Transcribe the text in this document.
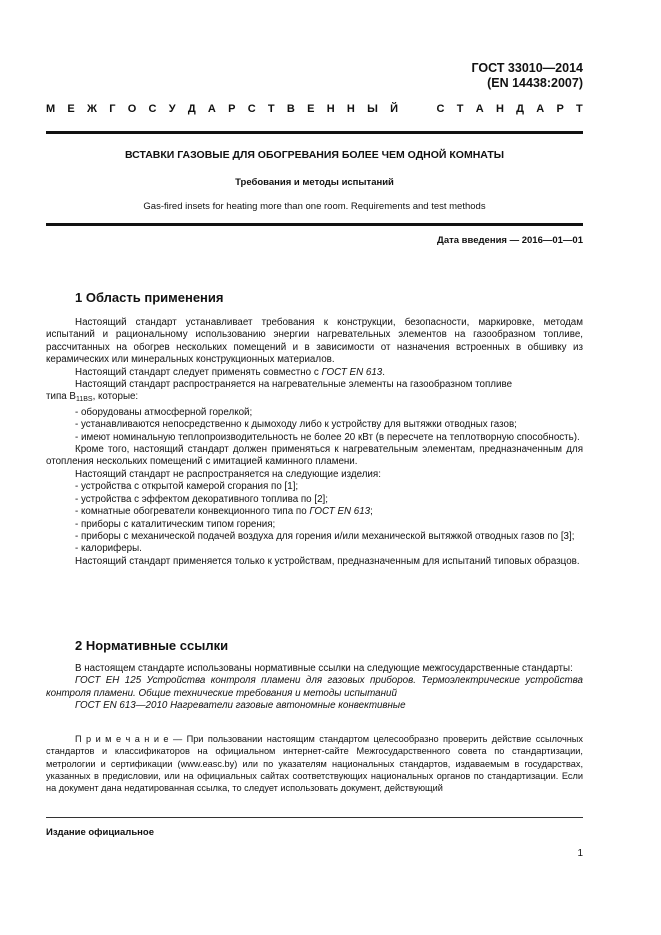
ГОСТ 33010—2014
(EN 14438:2007)
М Е Ж Г О С У Д А Р С Т В Е Н Н Ы Й	С Т А Н Д А Р Т
ВСТАВКИ ГАЗОВЫЕ ДЛЯ ОБОГРЕВАНИЯ БОЛЕЕ ЧЕМ ОДНОЙ КОМНАТЫ
Требования и методы испытаний
Gas-fired insets for heating more than one room. Requirements and test methods
Дата введения — 2016—01—01
1 Область применения

Настоящий стандарт устанавливает требования к конструкции, безопасности, маркировке, методам испытаний и рациональному использованию энергии нагревательных элементов на газообразном топливе, рассчитанных на обогрев нескольких помещений и в зависимости от назначения встроенных в обшивку из керамических или минеральных конструкционных материалов.

Настоящий стандарт следует применять совместно с ГОСТ EN 613.

Настоящий стандарт распространяется на нагревательные элементы на газообразном топливе

типа $В_{11BS}$, которые:

- оборудованы атмосферной горелкой;

- устанавливаются непосредственно к дымоходу либо к устройству для вытяжки отводных газов;

- имеют номинальную теплопроизводительность не более 20 кВт (в пересчете на теплотворную способность).

Кроме того, настоящий стандарт должен применяться к нагревательным элементам, предназначенным для отопления нескольких помещений с имитацией каминного пламени.

Настоящий стандарт не распространяется на следующие изделия:

- устройства с открытой камерой сгорания по [1];

- устройства с эффектом декоративного топлива по [2];

- комнатные обогреватели конвекционного типа по ГОСТ EN 613;

- приборы с каталитическим типом горения;

- приборы с механической подачей воздуха для горения и/или механической вытяжкой отводных газов по [3];

- калориферы.

Настоящий стандарт применяется только к устройствам, предназначенным для испытаний типовых образцов.

2 Нормативные ссылки

В настоящем стандарте использованы нормативные ссылки на следующие межгосударственные стандарты:

ГОСТ EH 125 Устройства контроля пламени для газовых приборов. Термоэлектрические устройства контроля пламени. Общие технические требования и методы испытаний

ГОСТ EN 613—2010 Нагреватели газовые автономные конвективные

П р и м е ч а н и е — При пользовании настоящим стандартом целесообразно проверить действие ссылочных стандартов и классификаторов на официальном интернет-сайте Межгосударственного совета по стандартизации, метрологии и сертификации (www.easc.by) или по указателям национальных стандартов, издаваемым в государствах, указанных в предисловии, или на официальных сайтах соответствующих национальных органов по стандартизации. Если на документ дана недатированная ссылка, то следует использовать документ, действующий

Издание официальное
1
